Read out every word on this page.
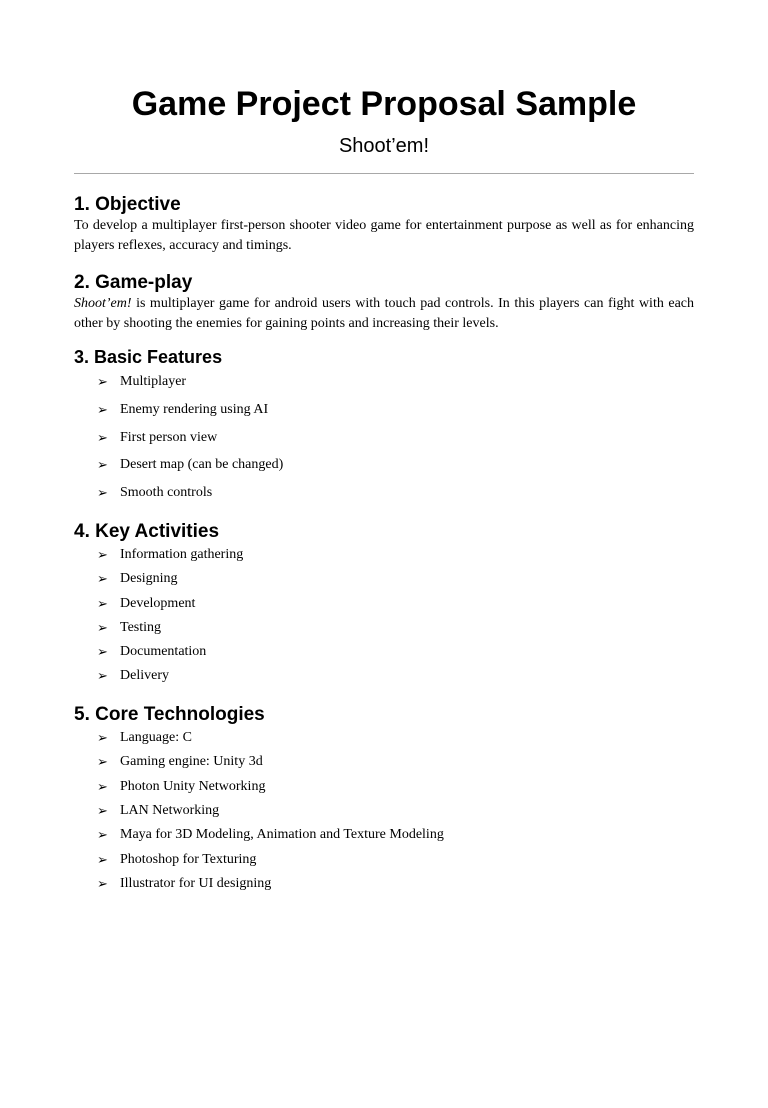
Game Project Proposal Sample
Shoot’em!
1. Objective

To develop a multiplayer first-person shooter video game for entertainment purpose as well as for enhancing players reflexes, accuracy and timings.

2. Game-play

Shoot’em! is multiplayer game for android users with touch pad controls. In this players can fight with each other by shooting the enemies for gaining points and increasing their levels.

3. Basic Features
➢ Multiplayer
➢ Enemy rendering using AI
➢ First person view
➢ Desert map (can be changed)
➢ Smooth controls
4. Key Activities
➢ Information gathering
➢ Designing
➢ Development
➢ Testing
➢ Documentation
➢ Delivery
5. Core Technologies
➢ Language: C
➢ Gaming engine: Unity 3d
➢ Photon Unity Networking
➢ LAN Networking
➢ Maya for 3D Modeling, Animation and Texture Modeling
➢ Photoshop for Texturing
➢ Illustrator for UI designing
